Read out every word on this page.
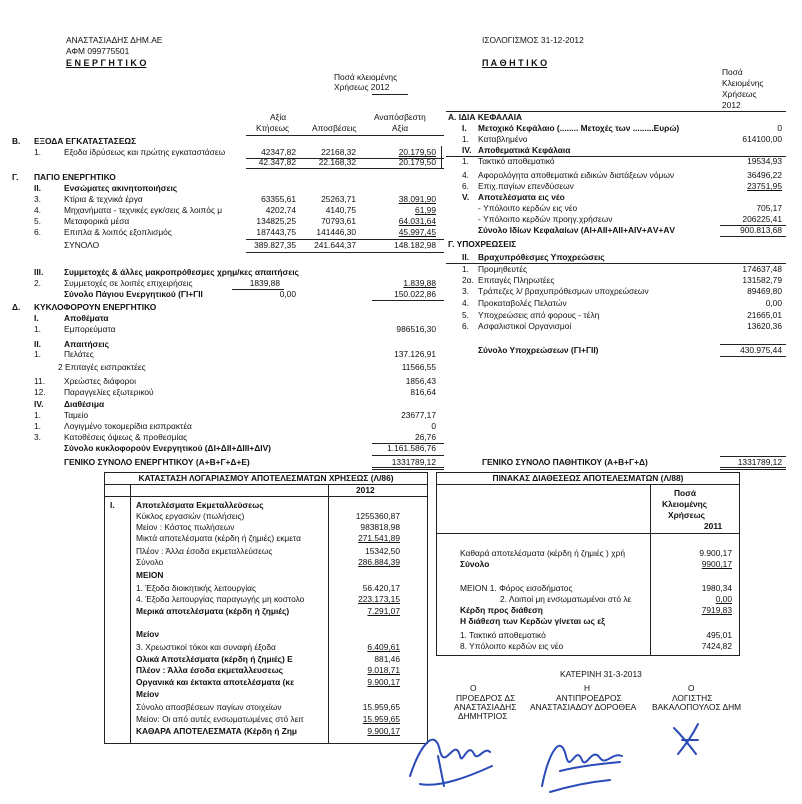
ΑΝΑΣΤΑΣΙΑΔΗΣ ΔΗΜ.ΑΕ
ΑΦΜ 099775501
Ε Ν Ε Ρ Γ Η Τ Ι Κ Ο
ΙΣΟΛΟΓΙΣΜΟΣ 31-12-2012
Π Α Θ Η Τ Ι Κ Ο
Ποσά κλειομένης
Χρήσεως 2012
Αξία
Κτήσεως	Αποσβέσεις
Αναπόσβεστη
Αξία
Β. ΕΞΟΔΑ ΕΓΚΑΤΑΣΤΑΣΕΩΣ
1.	Εξοδα ίδρύσεως και πρώτης εγκαταστάσεω	42347,82	22168,32	20.179,50
42.347,82	22.168,32	20.179,50
Γ. ΠΑΓΙΟ ΕΝΕΡΓΗΤΙΚΟ
ΙΙ.	Ενσώματες ακινητοποιήσεις
3.	Κτίρια & τεχνικά έργα	63355,61	25263,71	38.091,90
4.	Μηχανήματα - τεχνικές εγκ/σεις & λοιπός μ	4202,74	4140,75	61,99
5.	Μεταφορικά μέσα	134825,25	70793,61	64.031,64
6.	Επιπλα & λοιπός εξοπλισμός	187443,75	141446,30	45.997,45
ΣΥΝΟΛΟ	389.827,35	241.644,37	148.182,98
ΙΙΙ. Συμμετοχές & άλλες μακροπρόθεσμες χρημ/κες απαιτήσεις
2.	Συμμετοχές σε λοιπές επιχειρήσεις	1839,88	1.839,88
Σύνολο Πάγιου Ενεργητικού (ΓΙ+ΓΙΙ	0,00	150.022,86
Δ. ΚΥΚΛΟΦΟΡΟΥΝ ΕΝΕΡΓΗΤΙΚΟ
Ι.	Αποθέματα
1.	Εμπορεύματα	986516,30
ΙΙ.	Απαιτήσεις
1.	Πελάτες	137.126,91
2 Επιταγές εισπρακτέες	11566,55
11. Χρεώστες διάφοροι	1856,43
12. Παραγγελίες εξωτερικού	816,64
ΙV. Διαθέσιμα
1.	Ταμείο	23677,17
1.	Λογιγμένο τοκομερίδια εισπρακτέα	0
3.	Κατοθέσεις όψεως & προθεσμίας	26,76
Σύνολο κυκλοφορούν Ενεργητικού (ΔΙ+ΔΙΙ+ΔΙΙΙ+ΔΙV)	1.161.586,76
ΓΕΝΙΚΟ ΣΥΝΟΛΟ ΕΝΕΡΓΗΤΙΚΟΥ (Α+Β+Γ+Δ+Ε)	1331789,12
Ποσά
Κλειομένης
Χρήσεως
2012
Α. ΙΔΙΑ ΚΕΦΑΛΑΙΑ
Ι. Μετοχικό Κεφάλαιο (........ Μετοχές των .........Ευρώ)	0
1. Καταβλημένο	614100,00
ΙV. Αποθεματικά Κεφάλαια
1. Τακτικό αποθεματικό	19534,93
4. Αφορολόγητα αποθεματικά ειδικών διατάξεων νόμων	36496,22
6. Επιχ.παγίων επενδύσεων	23751,95
V. Αποτελέσματα εις νέο
- Υπόλοιπο κερδών εις νέο	705,17
- Υπόλοιπο κερδών προηγ.χρήσεων	206225,41
Σύνολο Ιδίων Κεφαλαίων (ΑΙ+ΑΙΙ+ΑΙΙ+ΑΙV+ΑV+ΑV	900.813,68
Γ. ΥΠΟΧΡΕΩΣΕΙΣ
ΙΙ. Βραχυπρόθεσμες Υποχρεώσεις
1. Προμηθευτές	174637,48
2α. Επιταγές Πληρωτέες	131582,79
3. Τράπεζες λ/ βραχυπρόθεσμων υποχρεώσεων	89469,80
4. Προκαταβολές Πελατών	0,00
5. Υποχρεώσεις από φορους - τέλη	21665,01
6. Ασφαλιστικοί Οργανισμοί	13620,36
Σύνολο Υποχρεώσεων (ΓΙ+ΓΙΙ)	430.975,44
ΓΕΝΙΚΟ ΣΥΝΟΛΟ ΠΑΘΗΤΙΚΟΥ (Α+Β+Γ+Δ)	1331789,12
ΚΑΤΑΣΤΑΣΗ ΛΟΓΑΡΙΑΣΜΟΥ ΑΠΟΤΕΛΕΣΜΑΤΩΝ ΧΡΗΣΕΩΣ (Λ/86)
2012
Ι.	Αποτελέσματα Εκμεταλλεύσεως
Κύκλος εργασιών (πωλήσεις)	1255360,87
Μείον : Κόστος πωλήσεων	983818,98
Μικτά αποτελέσματα (κέρδη ή ζημιές) εκμετα	271.541,89
Πλέον : Άλλα έσοδα εκμεταλλεύσεως	15342,50
Σύνολο	286.884,39
ΜΕΙΟΝ
1. Έξοδα διοικητικής λειτουργίας	56.420,17
4. Έξοδα λειτουργίας παραγωγής μη κοστολο	223.173,15
Μερικά αποτελέσματα (κέρδη ή ζημιές)	7.291,07
Μείον
3. Χρεωστικοί τόκοι και συναφή έξοδα	6.409,61
Ολικά Αποτελέσματα (κέρδη ή ζημιές) Ε	881,46
Πλέον : Άλλα έσοδα εκμεταλλευσεως	9.018,71
Οργανικά και έκτακτα αποτελέσματα (κε	9.900,17
Μείον
Σύνολο αποσβέσεων παγίων στοιχείων	15.959,65
Μείον: Οι από αυτές ενσωματωμένες στό λειτ	15.959,65
ΚΑΘΑΡΑ ΑΠΟΤΕΛΕΣΜΑΤΑ (Κέρδη ή Ζημ	9.900,17
ΠΙΝΑΚΑΣ ΔΙΑΘΕΣΕΩΣ ΑΠΟΤΕΛΕΣΜΑΤΩΝ (Λ/88)
Ποσά
Κλειομένης
Χρήσεως
2011
Καθαρά αποτελέσματα (κέρδη ή ζημιές ) χρή	9.900,17
Σύνολο	9900,17
ΜΕΙΟΝ 1. Φόρος εισοδήματος	1980,34
2. Λοιποί μη ενσωματωμένοι στό λε	0,00
Κέρδη προς διάθεση	7919,83
Η διάθεση των Κερδών γίνεται ως εξ
1. Τακτικό αποθεματικό	495,01
8. Υπόλοιπο κερδών εις νέο	7424,82
ΚΑΤΕΡΙΝΗ 31-3-2013
Ο
ΠΡΟΕΔΡΟΣ ΔΣ
ΑΝΑΣΤΑΣΙΑΔΗΣ
ΔΗΜΗΤΡΙΟΣ
Η
ΑΝΤΙΠΡΟΕΔΡΟΣ
ΑΝΑΣΤΑΣΙΑΔΟΥ ΔΟΡΟΘΕΑ
Ο
ΛΟΓΙΣΤΗΣ
ΒΑΚΑΛΟΠΟΥΛΟΣ ΔΗΜ
